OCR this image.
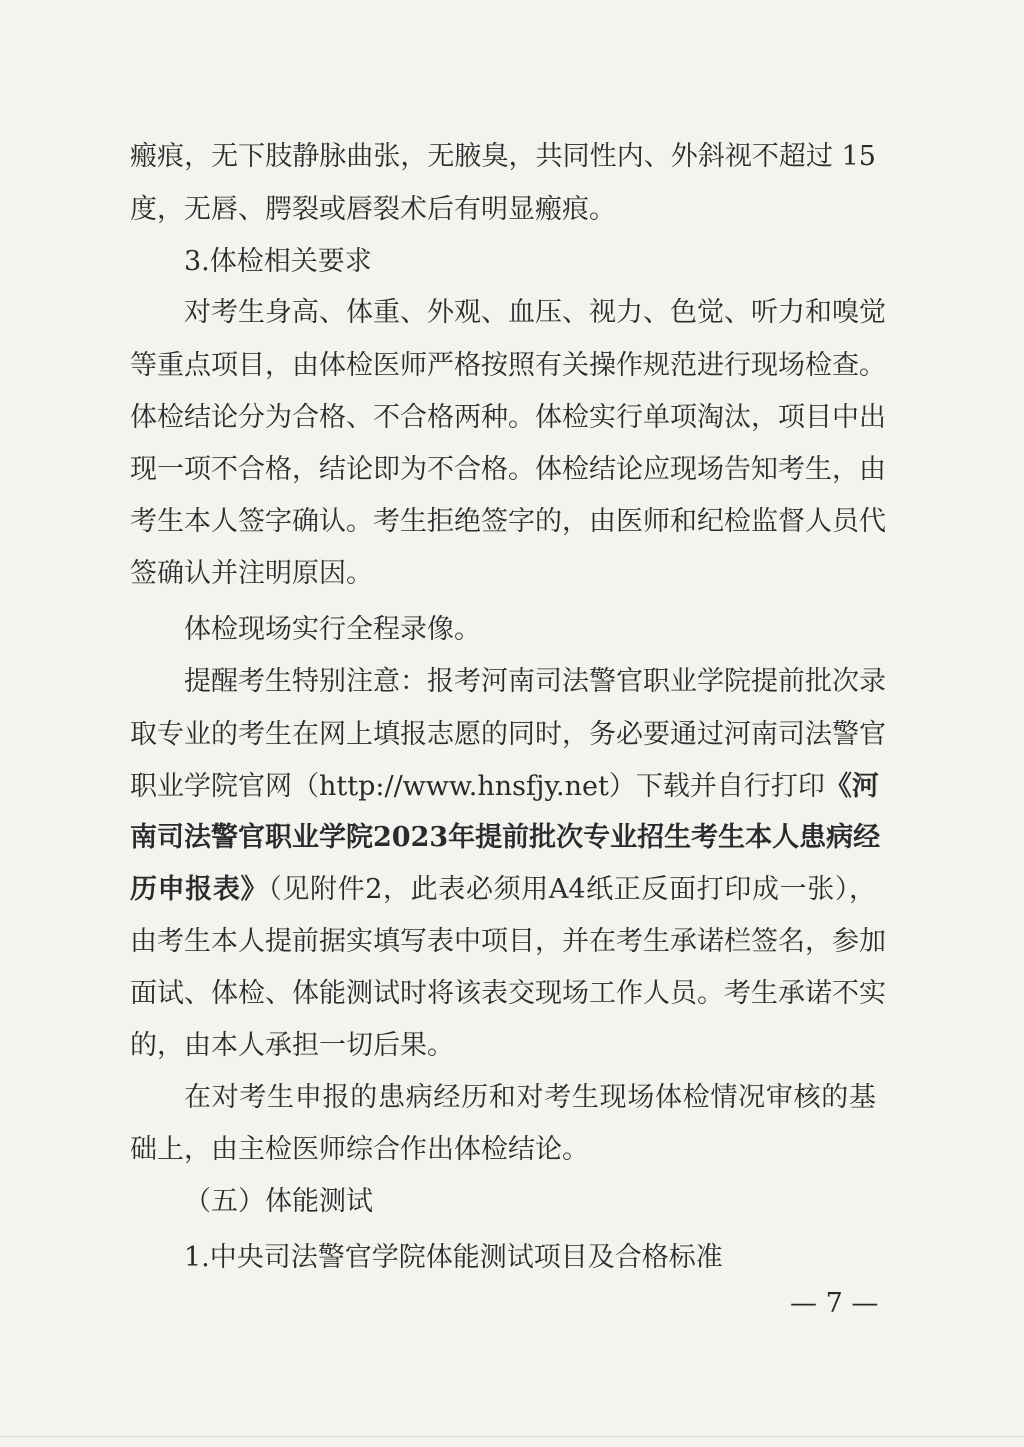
瘢痕，无下肢静脉曲张，无腋臭，共同性内、外斜视不超过 15
度，无唇、腭裂或唇裂术后有明显瘢痕。
3.体检相关要求
对考生身高、体重、外观、血压、视力、色觉、听力和嗅觉
等重点项目，由体检医师严格按照有关操作规范进行现场检查。
体检结论分为合格、不合格两种。体检实行单项淘汰，项目中出
现一项不合格，结论即为不合格。体检结论应现场告知考生，由
考生本人签字确认。考生拒绝签字的，由医师和纪检监督人员代
签确认并注明原因。
体检现场实行全程录像。
提醒考生特别注意：报考河南司法警官职业学院提前批次录
取专业的考生在网上填报志愿的同时，务必要通过河南司法警官
职业学院官网（http://www.hnsfjy.net）下载并自行打印《河
南司法警官职业学院2023年提前批次专业招生考生本人患病经
历申报表》（见附件2，此表必须用A4纸正反面打印成一张），
由考生本人提前据实填写表中项目，并在考生承诺栏签名，参加
面试、体检、体能测试时将该表交现场工作人员。考生承诺不实
的，由本人承担一切后果。
在对考生申报的患病经历和对考生现场体检情况审核的基
础上，由主检医师综合作出体检结论。
（五）体能测试
1.中央司法警官学院体能测试项目及合格标准
— 7 —
